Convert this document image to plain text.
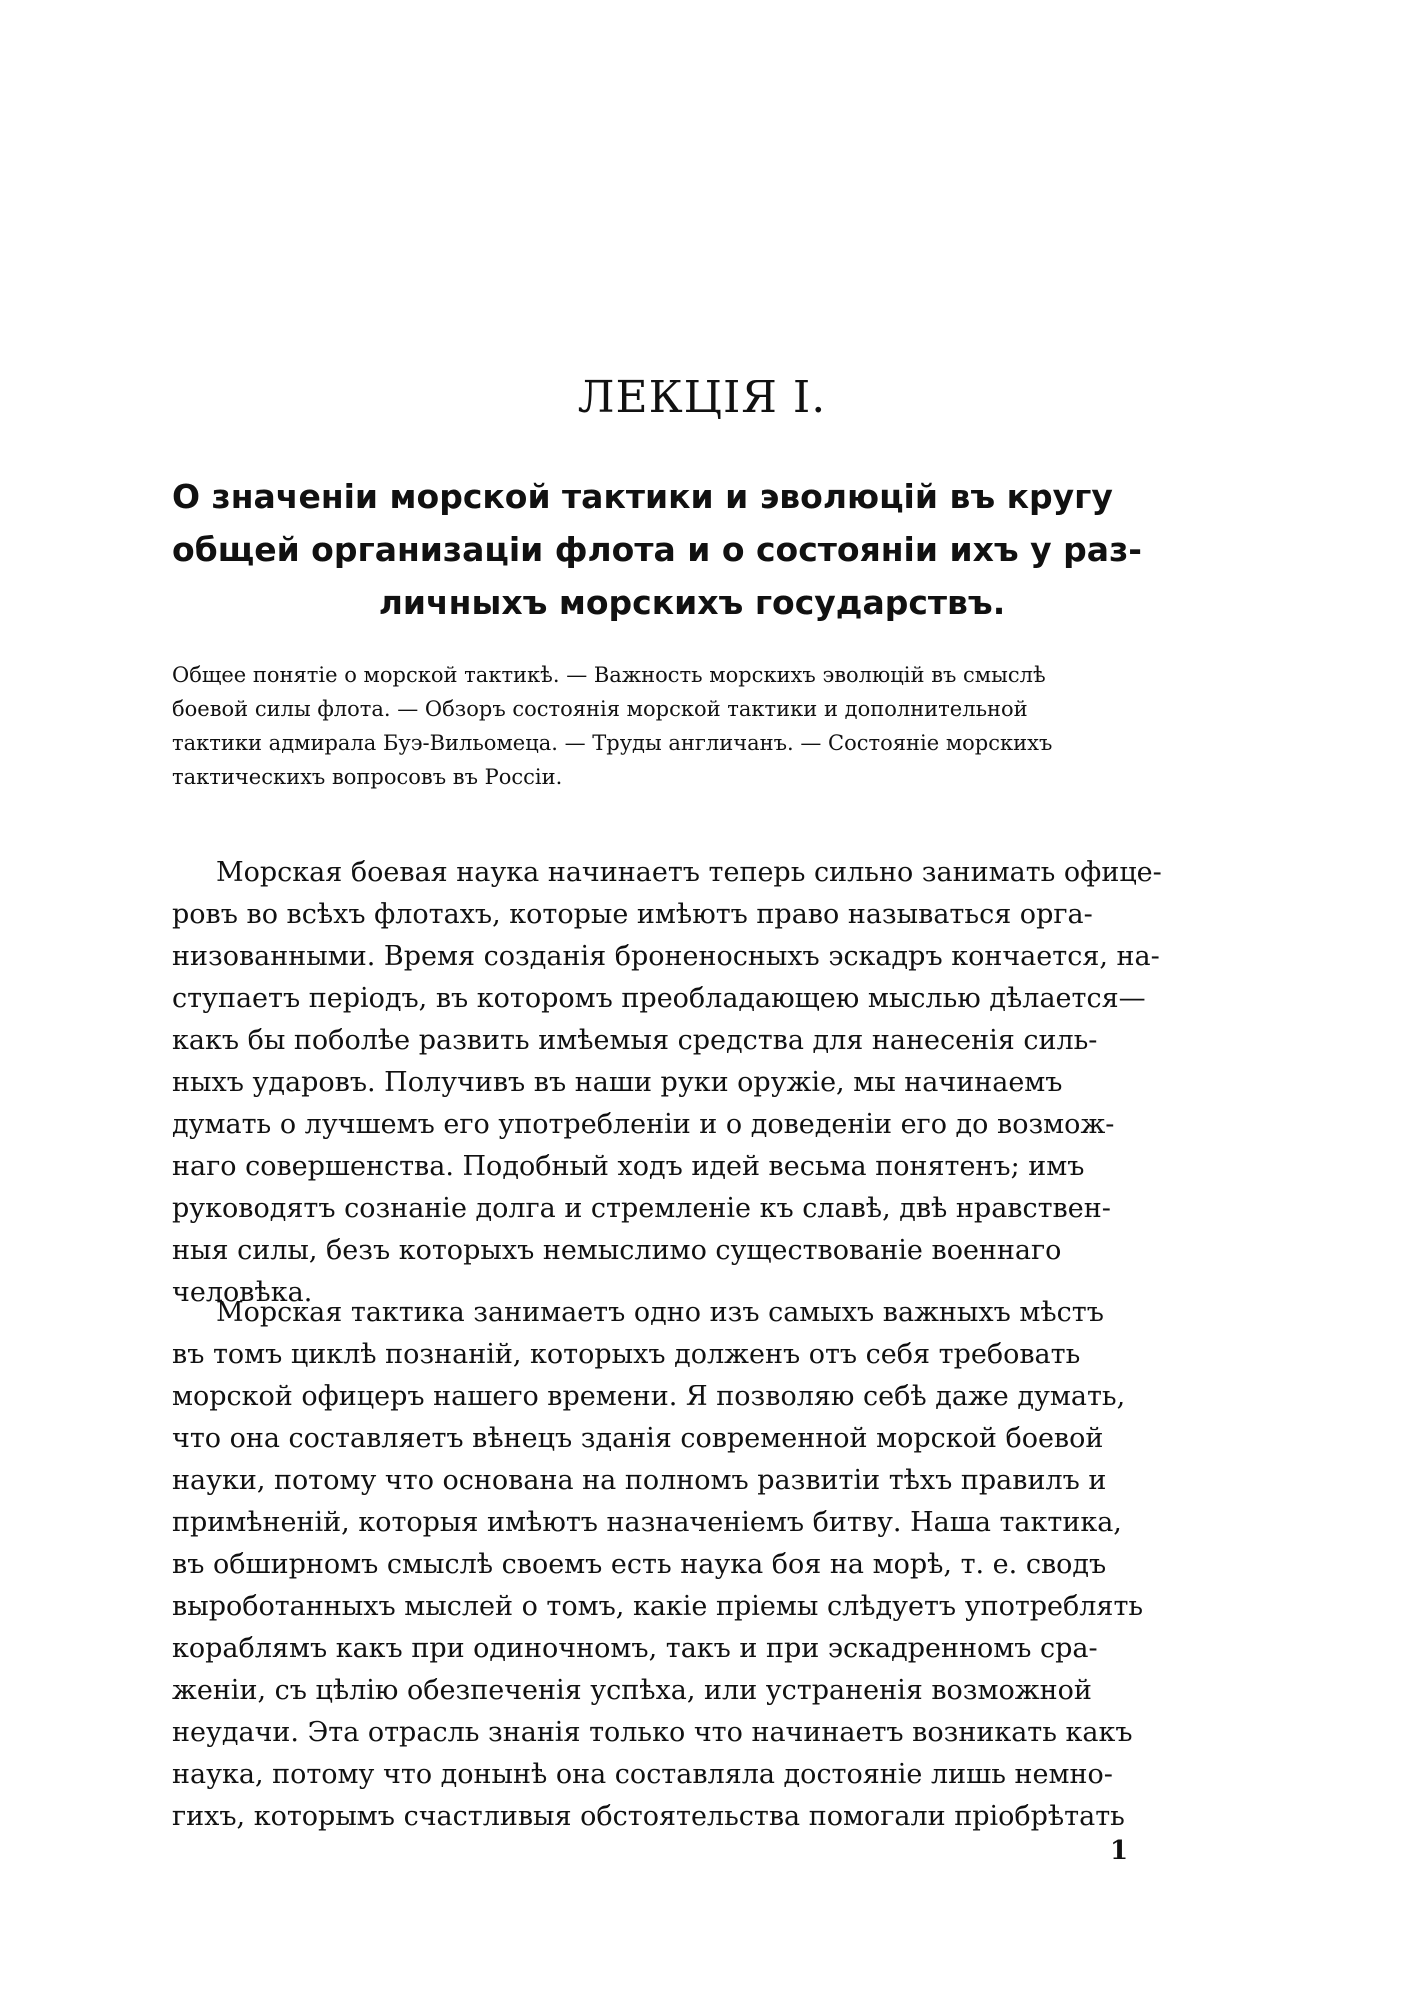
ЛЕКЦІЯ I.
О значеніи морской тактики и эволюцій въ кругу
общей организаціи флота и о состояніи ихъ у раз-
личныхъ морскихъ государствъ.
Общее понятіе о морской тактикѣ. — Важность морскихъ эволюцій въ смыслѣ
боевой силы флота. — Обзоръ состоянія морской тактики и дополнительной
тактики адмирала Буэ-Вильомеца. — Труды англичанъ. — Состояніе морскихъ
тактическихъ вопросовъ въ Россіи.
Морская боевая наука начинаетъ теперь сильно занимать офице-
ровъ во всѣхъ флотахъ, которые имѣютъ право называться орга-
низованными. Время созданія броненосныхъ эскадръ кончается, на-
ступаетъ періодъ, въ которомъ преобладающею мыслью дѣлается—
какъ бы поболѣе развить имѣемыя средства для нанесенія силь-
ныхъ ударовъ. Получивъ въ наши руки оружіе, мы начинаемъ
думать о лучшемъ его употребленіи и о доведеніи его до возмож-
наго совершенства. Подобный ходъ идей весьма понятенъ; имъ
руководятъ сознаніе долга и стремленіе къ славѣ, двѣ нравствен-
ныя силы, безъ которыхъ немыслимо существованіе военнаго
человѣка.
Морская тактика занимаетъ одно изъ самыхъ важныхъ мѣстъ
въ томъ циклѣ познаній, которыхъ долженъ отъ себя требовать
морской офицеръ нашего времени. Я позволяю себѣ даже думать,
что она составляетъ вѣнецъ зданія современной морской боевой
науки, потому что основана на полномъ развитіи тѣхъ правилъ и
примѣненій, которыя имѣютъ назначеніемъ битву. Наша тактика,
въ обширномъ смыслѣ своемъ есть наука боя на морѣ, т. е. сводъ
выроботанныхъ мыслей о томъ, какіе пріемы слѣдуетъ употреблять
кораблямъ какъ при одиночномъ, такъ и при эскадренномъ сра-
женіи, съ цѣлію обезпеченія успѣха, или устраненія возможной
неудачи. Эта отрасль знанія только что начинаетъ возникать какъ
наука, потому что донынѣ она составляла достояніе лишь немно-
гихъ, которымъ счастливыя обстоятельства помогали пріобрѣтать
1
